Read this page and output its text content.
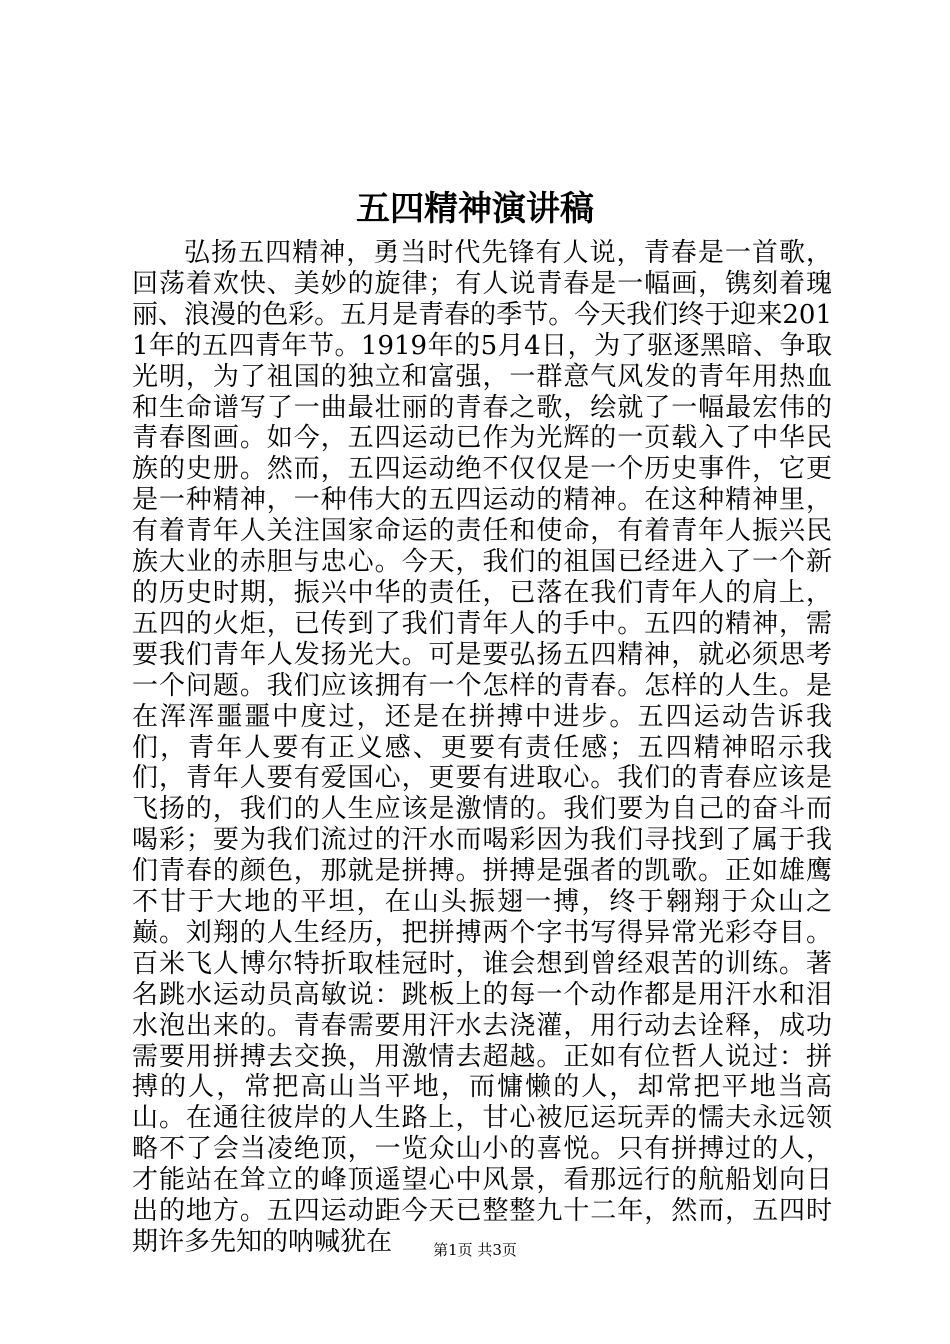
五四精神演讲稿

弘扬五四精神，勇当时代先锋有人说，青春是一首歌，回荡着欢快、美妙的旋律；有人说青春是一幅画，镌刻着瑰丽、浪漫的色彩。五月是青春的季节。今天我们终于迎来2011年的五四青年节。1919年的5月4日，为了驱逐黑暗、争取光明，为了祖国的独立和富强，一群意气风发的青年用热血和生命谱写了一曲最壮丽的青春之歌，绘就了一幅最宏伟的青春图画。如今，五四运动已作为光辉的一页载入了中华民族的史册。然而，五四运动绝不仅仅是一个历史事件，它更是一种精神，一种伟大的五四运动的精神。在这种精神里，有着青年人关注国家命运的责任和使命，有着青年人振兴民族大业的赤胆与忠心。今天，我们的祖国已经进入了一个新的历史时期，振兴中华的责任，已落在我们青年人的肩上，五四的火炬，已传到了我们青年人的手中。五四的精神，需要我们青年人发扬光大。可是要弘扬五四精神，就必须思考一个问题。我们应该拥有一个怎样的青春。怎样的人生。是在浑浑噩噩中度过，还是在拼搏中进步。五四运动告诉我们，青年人要有正义感、更要有责任感；五四精神昭示我们，青年人要有爱国心，更要有进取心。我们的青春应该是飞扬的，我们的人生应该是激情的。我们要为自己的奋斗而喝彩；要为我们流过的汗水而喝彩因为我们寻找到了属于我们青春的颜色，那就是拼搏。拼搏是强者的凯歌。正如雄鹰不甘于大地的平坦，在山头振翅一搏，终于翱翔于众山之巅。刘翔的人生经历，把拼搏两个字书写得异常光彩夺目。百米飞人博尔特折取桂冠时，谁会想到曾经艰苦的训练。著名跳水运动员高敏说：跳板上的每一个动作都是用汗水和泪水泡出来的。青春需要用汗水去浇灌，用行动去诠释，成功需要用拼搏去交换，用激情去超越。正如有位哲人说过：拼搏的人，常把高山当平地，而慵懒的人，却常把平地当高山。在通往彼岸的人生路上，甘心被厄运玩弄的懦夫永远领略不了会当凌绝顶，一览众山小的喜悦。只有拼搏过的人，才能站在耸立的峰顶遥望心中风景，看那远行的航船划向日出的地方。五四运动距今天已整整九十二年，然而，五四时期许多先知的呐喊犹在	第1页 共3页
